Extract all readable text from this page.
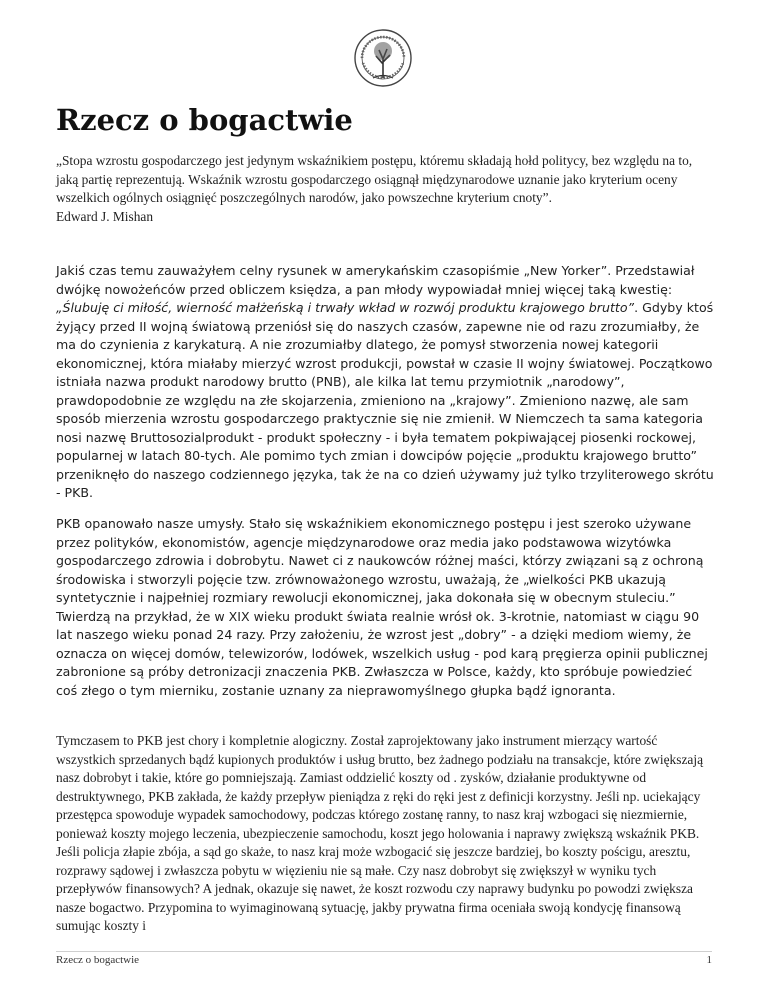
Rzecz o bogactwie
„Stopa wzrostu gospodarczego jest jedynym wskaźnikiem postępu, któremu składają hołd politycy, bez względu na to, jaką partię reprezentują. Wskaźnik wzrostu gospodarczego osiągnął międzynarodowe uznanie jako kryterium oceny wszelkich ogólnych osiągnięć poszczególnych narodów, jako powszechne kryterium cnoty”.
Edward J. Mishan

Jakiś czas temu zauważyłem celny rysunek w amerykańskim czasopiśmie „New Yorker”. Przedstawiał dwójkę nowożeńców przed obliczem księdza, a pan młody wypowiadał mniej więcej taką kwestię: „Ślubuję ci miłość, wierność małżeńską i trwały wkład w rozwój produktu krajowego brutto”. Gdyby ktoś żyjący przed II wojną światową przeniósł się do naszych czasów, zapewne nie od razu zrozumiałby, że ma do czynienia z karykaturą. A nie zrozumiałby dlatego, że pomysł stworzenia nowej kategorii ekonomicznej, która miałaby mierzyć wzrost produkcji, powstał w czasie II wojny światowej. Początkowo istniała nazwa produkt narodowy brutto (PNB), ale kilka lat temu przymiotnik „narodowy”, prawdopodobnie ze względu na złe skojarzenia, zmieniono na „krajowy”. Zmieniono nazwę, ale sam sposób mierzenia wzrostu gospodarczego praktycznie się nie zmienił. W Niemczech ta sama kategoria nosi nazwę Bruttosozialprodukt - produkt społeczny - i była tematem pokpiwającej piosenki rockowej, popularnej w latach 80-tych. Ale pomimo tych zmian i dowcipów pojęcie „produktu krajowego brutto” przeniknęło do naszego codziennego języka, tak że na co dzień używamy już tylko trzyliterowego skrótu - PKB.

PKB opanowało nasze umysły. Stało się wskaźnikiem ekonomicznego postępu i jest szeroko używane przez polityków, ekonomistów, agencje międzynarodowe oraz media jako podstawowa wizytówka gospodarczego zdrowia i dobrobytu. Nawet ci z naukowców różnej maści, którzy związani są z ochroną środowiska i stworzyli pojęcie tzw. zrównoważonego wzrostu, uważają, że „wielkości PKB ukazują syntetycznie i najpełniej rozmiary rewolucji ekonomicznej, jaka dokonała się w obecnym stuleciu.” Twierdzą na przykład, że w XIX wieku produkt świata realnie wrósł ok. 3-krotnie, natomiast w ciągu 90 lat naszego wieku ponad 24 razy. Przy założeniu, że wzrost jest „dobry” - a dzięki mediom wiemy, że oznacza on więcej domów, telewizorów, lodówek, wszelkich usług - pod karą pręgierza opinii publicznej zabronione są próby detronizacji znaczenia PKB. Zwłaszcza w Polsce, każdy, kto spróbuje powiedzieć coś złego o tym mierniku, zostanie uznany za nieprawomyślnego głupka bądź ignoranta.

Tymczasem to PKB jest chory i kompletnie alogiczny. Został zaprojektowany jako instrument mierzący wartość wszystkich sprzedanych bądź kupionych produktów i usług brutto, bez żadnego podziału na transakcje, które zwiększają nasz dobrobyt i takie, które go pomniejszają. Zamiast oddzielić koszty od . zysków, działanie produktywne od destruktywnego, PKB zakłada, że każdy przepływ pieniądza z ręki do ręki jest z definicji korzystny. Jeśli np. uciekający przestępca spowoduje wypadek samochodowy, podczas którego zostanę ranny, to nasz kraj wzbogaci się niezmiernie, ponieważ koszty mojego leczenia, ubezpieczenie samochodu, koszt jego holowania i naprawy zwiększą wskaźnik PKB. Jeśli policja złapie zbója, a sąd go skaże, to nasz kraj może wzbogacić się jeszcze bardziej, bo koszty pościgu, aresztu, rozprawy sądowej i zwłaszcza pobytu w więzieniu nie są małe. Czy nasz dobrobyt się zwiększył w wyniku tych przepływów finansowych? A jednak, okazuje się nawet, że koszt rozwodu czy naprawy budynku po powodzi zwiększa nasze bogactwo. Przypomina to wyimaginowaną sytuację, jakby prywatna firma oceniała swoją kondycję finansową sumując koszty i

Rzecz o bogactwie	1
